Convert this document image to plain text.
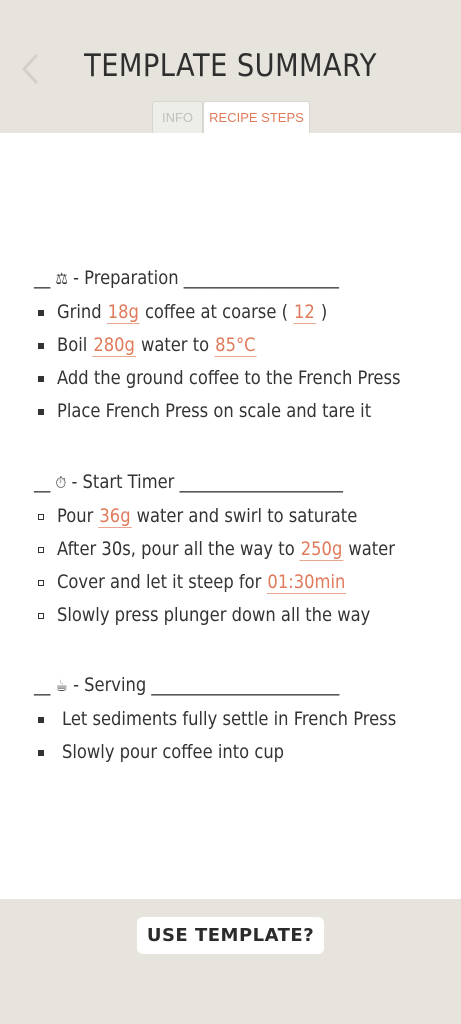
TEMPLATE SUMMARY
INFO	RECIPE STEPS
__ ⚖ - Preparation ___________________
Grind 18g coffee at coarse ( 12 )
Boil 280g water to 85°C
Add the ground coffee to the French Press
Place French Press on scale and tare it
__ ⏱ - Start Timer ____________________
Pour 36g water and swirl to saturate
After 30s, pour all the way to 250g water
Cover and let it steep for 01:30min
Slowly press plunger down all the way
__ ☕ - Serving _______________________
Let sediments fully settle in French Press
Slowly pour coffee into cup
USE TEMPLATE?
